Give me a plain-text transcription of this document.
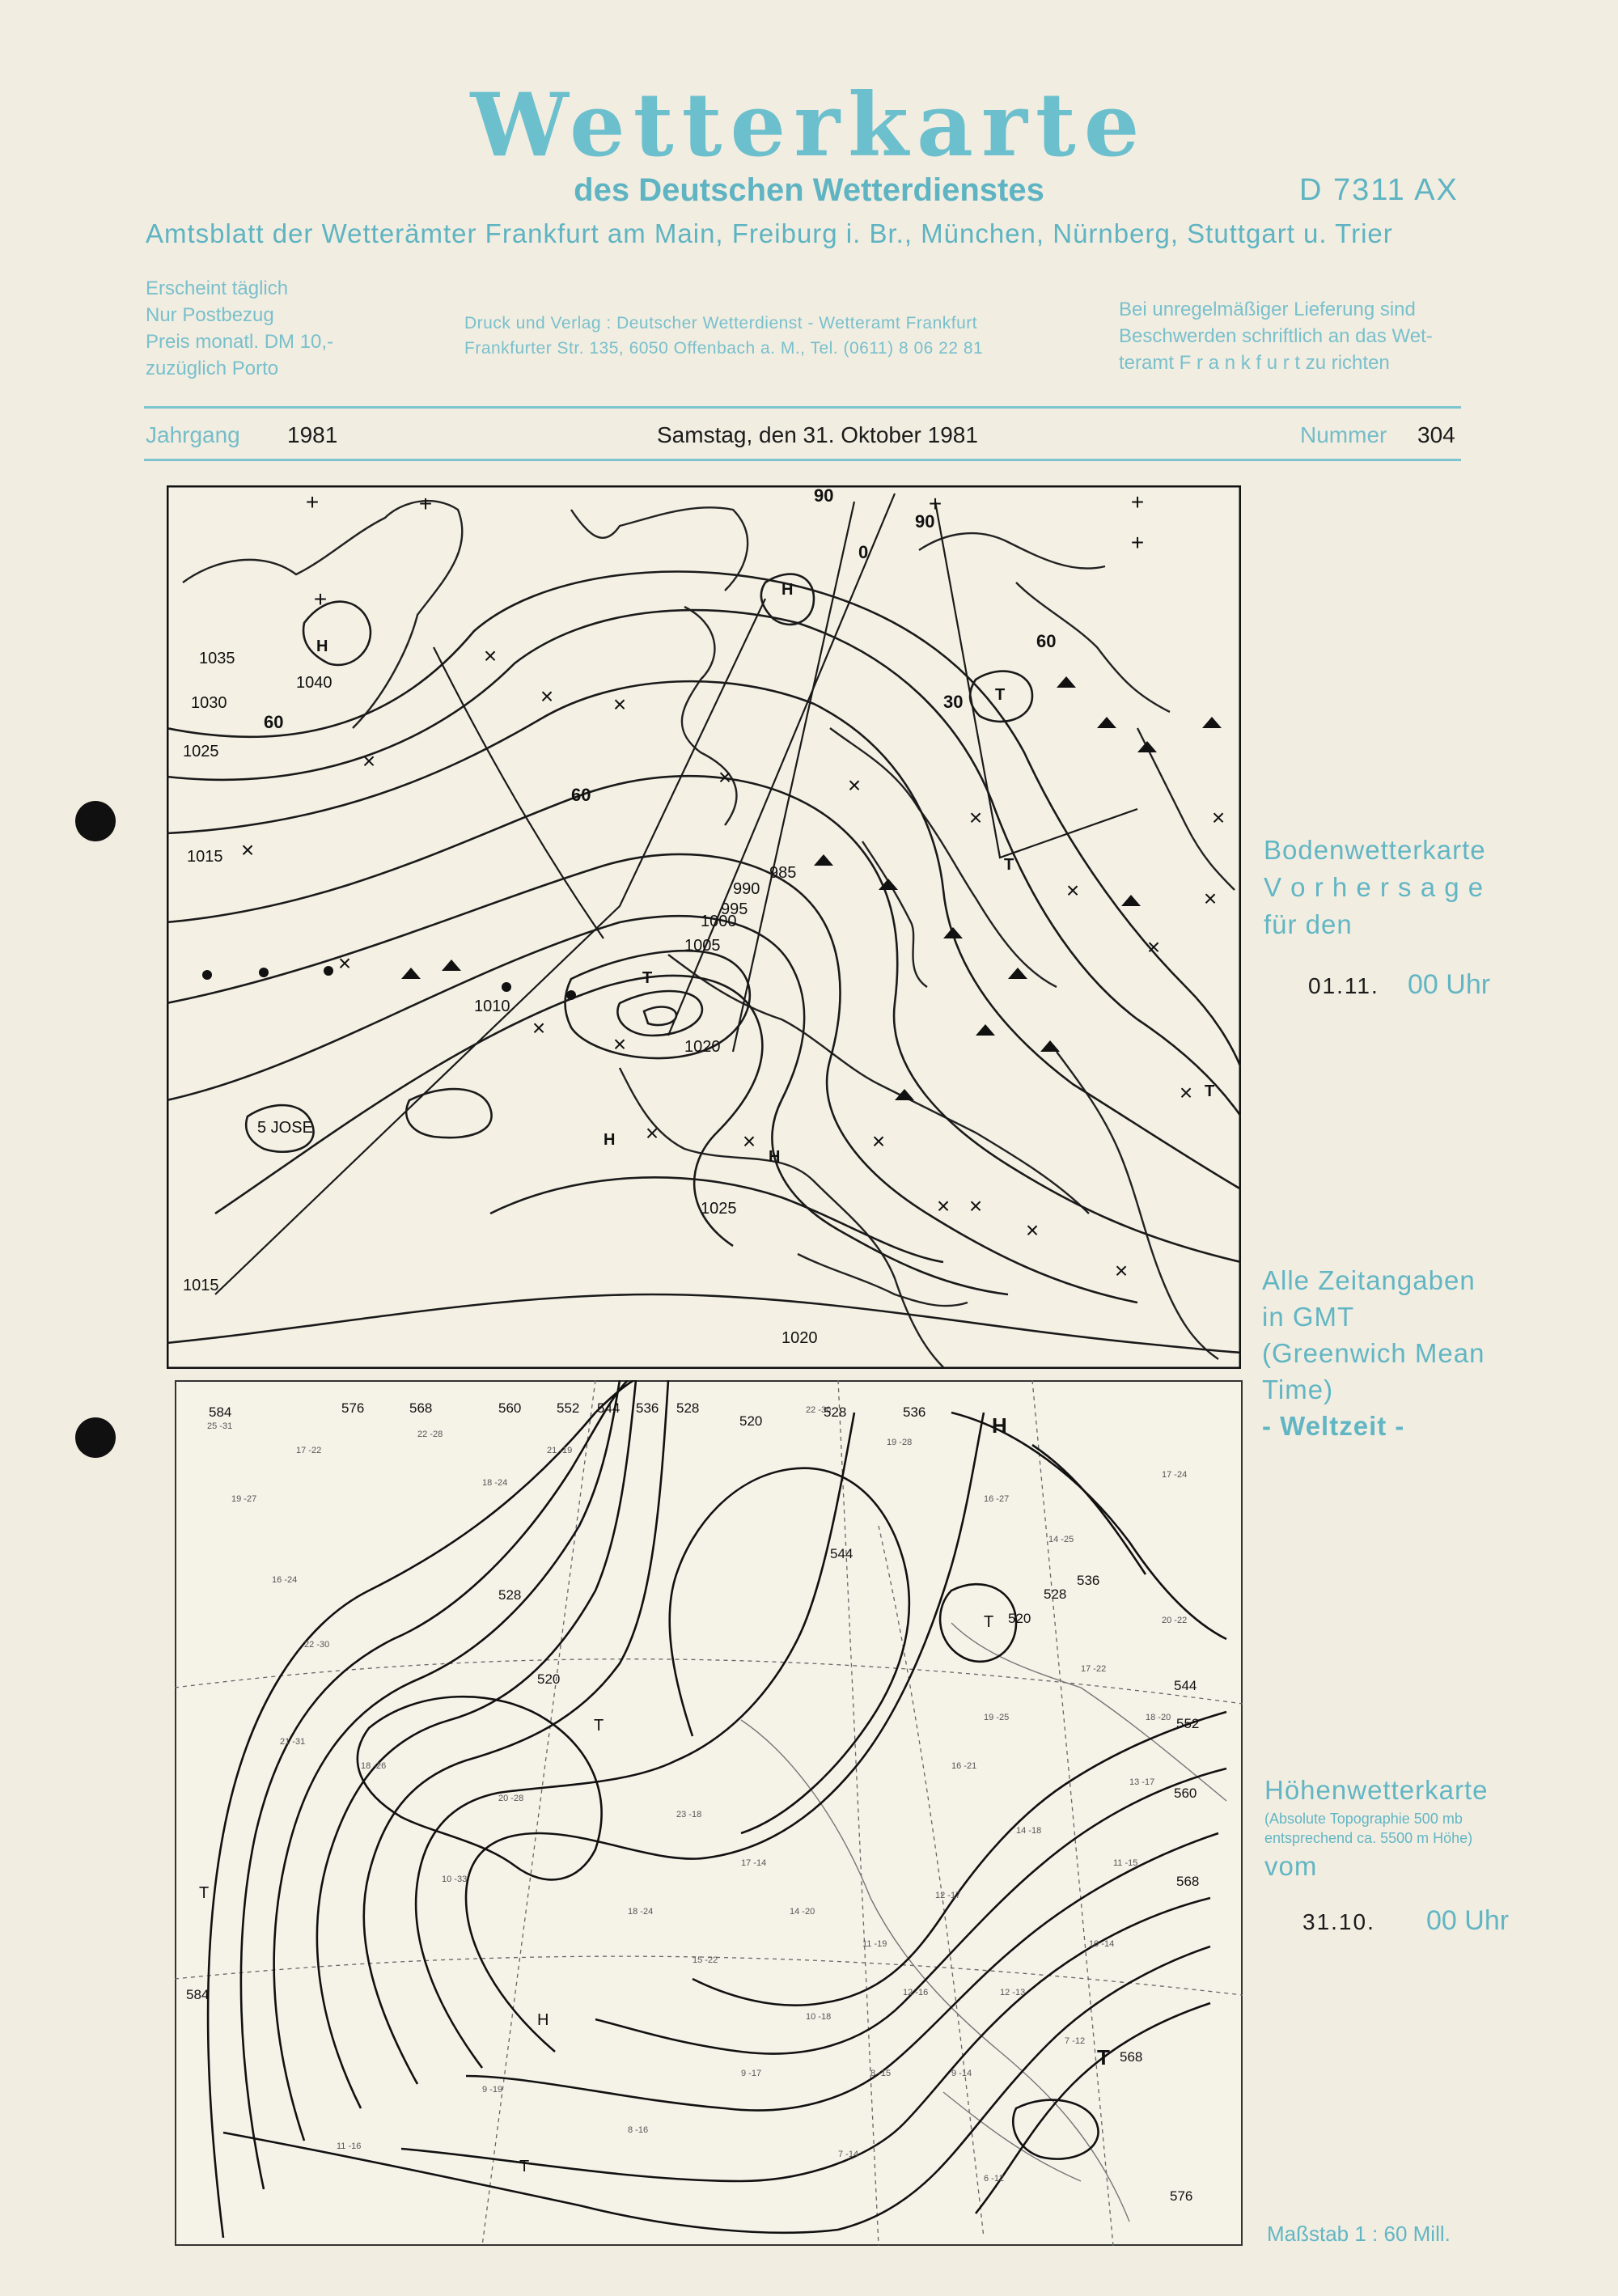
Wetterkarte
des Deutschen Wetterdienstes	D 7311 AX
Amtsblatt der Wetterämter Frankfurt am Main, Freiburg i. Br., München, Nürnberg, Stuttgart u. Trier
Erscheint täglich
Nur Postbezug
Preis monatl. DM 10,-
zuzüglich Porto
Druck und Verlag : Deutscher Wetterdienst - Wetteramt Frankfurt
Frankfurter Str. 135, 6050 Offenbach a. M., Tel. (0611) 8 06 22 81
Bei unregelmäßiger Lieferung sind
Beschwerden schriftlich an das Wet-
teramt F r a n k f u r t zu richten
Jahrgang 1981	Samstag, den 31. Oktober 1981	Nummer 304
+	+
+
+	+
+
×
×
×
×	×
×	×
×
×
×
×
×
×
×
×
×	×	×
×
×
×
×
×
1035
1030
1025
1015
1010
1005
1000
995
990
985
1020
1040
1025
1015
1020
60
60
90
90
0
30
60
H
H
T
T
T
H
H
T
5 JOSE
Bodenwetterkarte
V o r h e r s a g e
für den
01.11. 00 Uhr
Alle Zeitangaben
in GMT
(Greenwich Mean
Time)
- Weltzeit -
25 -31
17 -22
19 -27
22 -28
18 -24
21 -19
16 -24
22 -30
21 -31
18 -26
10 -33
20 -28
23 -18
17 -14
14 -20
11 -19
12 -16
10 -18
9 -17	8 -15	9 -14
12 -13
7 -12
10 -14
11 -15
13 -17
18 -20
20 -22
14 -25
16 -27
19 -28
22 -30
17 -24
11 -16
9 -19
8 -16
7 -14
6 -12
15 -22
18 -24
12 -17
14 -18
16 -21
19 -25
17 -22
584	576	568	560	552 544 536 528
520
528	536
544
528
520	544
552
560
568
584
576
568
536
528
520
H
T
T
T
H
T
T
Höhenwetterkarte
(Absolute Topographie 500 mb
entsprechend ca. 5500 m Höhe)
vom
31.10. 00 Uhr
Maßstab 1 : 60 Mill.
